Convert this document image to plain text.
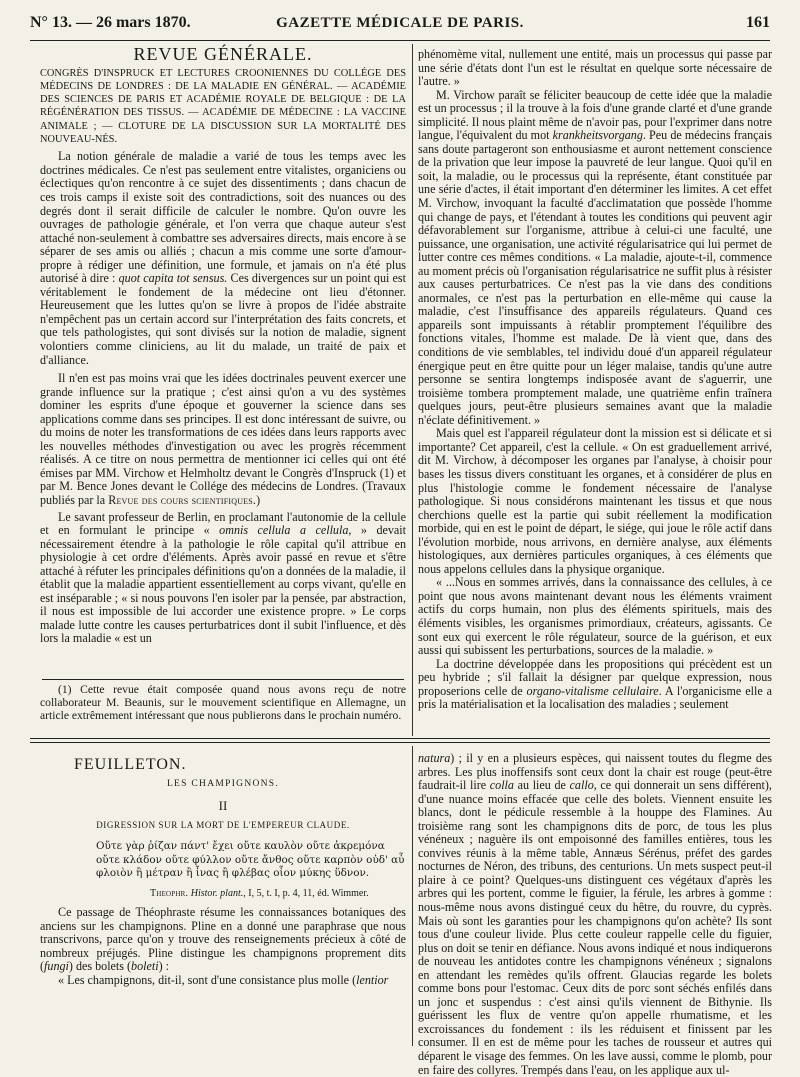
N° 13. — 26 mars 1870.	GAZETTE MÉDICALE DE PARIS.	161
REVUE GÉNÉRALE.
CONGRÈS D'INSPRUCK ET LECTURES CROONIENNES DU COLLÉGE DES MÉDECINS DE LONDRES : DE LA MALADIE EN GÉNÉRAL. — ACADÉMIE DES SCIENCES DE PARIS ET ACADÉMIE ROYALE DE BELGIQUE : DE LA RÉGÉNÉRATION DES TISSUS. — ACADÉMIE DE MÉDECINE : LA VACCINE ANIMALE ; — CLOTURE DE LA DISCUSSION SUR LA MORTALITÉ DES NOUVEAU-NÉS.

La notion générale de maladie a varié de tous les temps avec les doctrines médicales. Ce n'est pas seulement entre vitalistes, organiciens ou éclectiques qu'on rencontre à ce sujet des dissentiments ; dans chacun de ces trois camps il existe soit des contradictions, soit des nuances ou des degrés dont il serait difficile de calculer le nombre. Qu'on ouvre les ouvrages de pathologie générale, et l'on verra que chaque auteur s'est attaché non-seulement à combattre ses adversaires directs, mais encore à se séparer de ses amis ou alliés ; chacun a mis comme une sorte d'amour-propre à rédiger une définition, une formule, et jamais on n'a été plus autorisé à dire : quot capita tot sensus. Ces divergences sur un point qui est véritablement le fondement de la médecine ont lieu d'étonner. Heureusement que les luttes qu'on se livre à propos de l'idée abstraite n'empêchent pas un certain accord sur l'interprétation des faits concrets, et que tels pathologistes, qui sont divisés sur la notion de maladie, signent volontiers comme cliniciens, au lit du malade, un traité de paix et d'alliance.

Il n'en est pas moins vrai que les idées doctrinales peuvent exercer une grande influence sur la pratique ; c'est ainsi qu'on a vu des systèmes dominer les esprits d'une époque et gouverner la science dans ses applications comme dans ses principes. Il est donc intéressant de suivre, ou du moins de noter les transformations de ces idées dans leurs rapports avec les nouvelles méthodes d'investigation ou avec les progrès récemment réalisés. A ce titre on nous permettra de mentionner ici celles qui ont été émises par MM. Virchow et Helmholtz devant le Congrès d'Inspruck (1) et par M. Bence Jones devant le Collége des médecins de Londres. (Travaux publiés par la Revue des cours scientifiques.)

Le savant professeur de Berlin, en proclamant l'autonomie de la cellule et en formulant le principe « omnis cellula a cellula, » devait nécessairement étendre à la pathologie le rôle capital qu'il attribue en physiologie à cet ordre d'éléments. Après avoir passé en revue et s'être attaché à réfuter les principales définitions qu'on a données de la maladie, il établit que la maladie appartient essentiellement au corps vivant, qu'elle en est inséparable ; « si nous pouvons l'en isoler par la pensée, par abstraction, il nous est impossible de lui accorder une existence propre. » Le corps malade lutte contre les causes perturbatrices dont il subit l'influence, et dès lors la maladie « est un

(1) Cette revue était composée quand nous avons reçu de notre collaborateur M. Beaunis, sur le mouvement scientifique en Allemagne, un article extrêmement intéressant que nous publierons dans le prochain numéro.

phénomème vital, nullement une entité, mais un processus qui passe par une série d'états dont l'un est le résultat en quelque sorte nécessaire de l'autre. »

M. Virchow paraît se féliciter beaucoup de cette idée que la maladie est un processus ; il la trouve à la fois d'une grande clarté et d'une grande simplicité. Il nous plaint même de n'avoir pas, pour l'exprimer dans notre langue, l'équivalent du mot krankheitsvorgang. Peu de médecins français sans doute partageront son enthousiasme et auront nettement conscience de la privation que leur impose la pauvreté de leur langue. Quoi qu'il en soit, la maladie, ou le processus qui la représente, étant constituée par une série d'actes, il était important d'en déterminer les limites. A cet effet M. Virchow, invoquant la faculté d'acclimatation que possède l'homme qui change de pays, et l'étendant à toutes les conditions qui peuvent agir défavorablement sur l'organisme, attribue à celui-ci une faculté, une puissance, une organisation, une activité régularisatrice qui lui permet de lutter contre ces mêmes conditions. « La maladie, ajoute-t-il, commence au moment précis où l'organisation régularisatrice ne suffit plus à résister aux causes perturbatrices. Ce n'est pas la vie dans des conditions anormales, ce n'est pas la perturbation en elle-même qui cause la maladie, c'est l'insuffisance des appareils régulateurs. Quand ces appareils sont impuissants à rétablir promptement l'équilibre des fonctions vitales, l'homme est malade. De là vient que, dans des conditions de vie semblables, tel individu doué d'un appareil régulateur énergique peut en être quitte pour un léger malaise, tandis qu'une autre personne se sentira longtemps indisposée avant de s'aguerrir, une troisième tombera promptement malade, une quatrième enfin traînera quelques jours, peut-être plusieurs semaines avant que la maladie n'éclate définitivement. »

Mais quel est l'appareil régulateur dont la mission est si délicate et si importante? Cet appareil, c'est la cellule. « On est graduellement arrivé, dit M. Virchow, à décomposer les organes par l'analyse, à choisir pour bases les tissus divers constituant les organes, et à considérer de plus en plus l'histologie comme le fondement nécessaire de l'analyse pathologique. Si nous considérons maintenant les tissus et que nous cherchions quelle est la partie qui subit réellement la modification morbide, qui en est le point de départ, le siége, qui joue le rôle actif dans l'évolution morbide, nous arrivons, en dernière analyse, aux éléments histologiques, aux dernières particules organiques, à ces éléments que nous appelons cellules dans la physique organique.

« ...Nous en sommes arrivés, dans la connaissance des cellules, à ce point que nous avons maintenant devant nous les éléments vraiment actifs du corps humain, non plus des éléments spirituels, mais des éléments visibles, les organismes primordiaux, créateurs, agissants. Ce sont eux qui exercent le rôle régulateur, source de la guérison, et eux aussi qui subissent les perturbations, sources de la maladie. »

La doctrine développée dans les propositions qui précèdent est un peu hybride ; s'il fallait la désigner par quelque expression, nous proposerions celle de organo-vitalisme cellulaire. A l'organicisme elle a pris la matérialisation et la localisation des maladies ; seulement

FEUILLETON.
LES CHAMPIGNONS.
II
DIGRESSION SUR LA MORT DE L'EMPEREUR CLAUDE.
Οὔτε γὰρ ῥίζαν πάντ' ἔχει οὔτε καυλὸν οὔτε ἀκρεμόνα οὔτε κλάδον οὔτε φύλλον οὔτε ἄνθος οὔτε καρπὸν οὐδ' αὖ φλοιὸν ἢ μέτραν ἢ ἶνας ἢ φλέβας οἷον μύκης ὕδνον.
Theophr. Histor. plant., I, 5, t. I, p. 4, 11, éd. Wimmer.

Ce passage de Théophraste résume les connaissances botaniques des anciens sur les champignons. Pline en a donné une paraphrase que nous transcrivons, parce qu'on y trouve des renseignements précieux à côté de nombreux préjugés. Pline distingue les champignons proprement dits (fungi) des bolets (boleti) :

« Les champignons, dit-il, sont d'une consistance plus molle (lentior

natura) ; il y en a plusieurs espèces, qui naissent toutes du flegme des arbres. Les plus inoffensifs sont ceux dont la chair est rouge (peut-être faudrait-il lire colla au lieu de callo, ce qui donnerait un sens différent), d'une nuance moins effacée que celle des bolets. Viennent ensuite les blancs, dont le pédicule ressemble à la houppe des Flamines. Au troisième rang sont les champignons dits de porc, de tous les plus vénéneux ; naguère ils ont empoisonné des familles entières, tous les convives réunis à la même table, Annæus Sérénus, préfet des gardes nocturnes de Néron, des tribuns, des centurions. Un mets suspect peut-il plaire à ce point? Quelques-uns distinguent ces végétaux d'après les arbres qui les portent, comme le figuier, la férule, les arbres à gomme : nous-même nous avons distingué ceux du hêtre, du rouvre, du cyprès. Mais où sont les garanties pour les champignons qu'on achète? Ils sont tous d'une couleur livide. Plus cette couleur rappelle celle du figuier, plus on doit se tenir en défiance. Nous avons indiqué et nous indiquerons de nouveau les antidotes contre les champignons vénéneux ; signalons en attendant les remèdes qu'ils offrent. Glaucias regarde les bolets comme bons pour l'estomac. Ceux dits de porc sont séchés enfilés dans un jonc et suspendus : c'est ainsi qu'ils viennent de Bithynie. Ils guérissent les flux de ventre qu'on appelle rhumatisme, et les excroissances du fondement : ils les réduisent et finissent par les consumer. Il en est de même pour les taches de rousseur et autres qui déparent le visage des femmes. On les lave aussi, comme le plomb, pour en faire des collyres. Trempés dans l'eau, on les applique aux ul-
